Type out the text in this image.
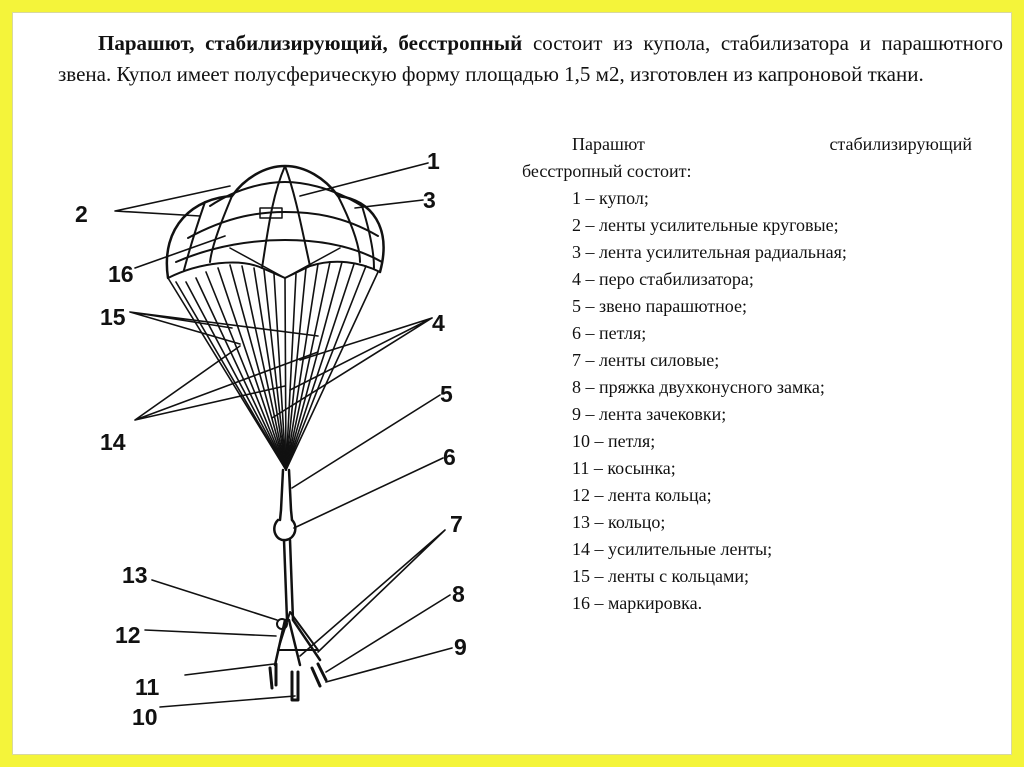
Парашют, стабилизирующий, бесстропный состоит из купола, стабилизатора и парашютного звена. Купол имеет полусферическую форму площадью 1,5 м2, изготовлен из капроновой ткани.

Парашют	стабилизирующий
бесстропный состоит:
1 – купол;
2 – ленты усилительные круговые;
3 – лента усилительная радиальная;
4 – перо стабилизатора;
5 – звено парашютное;
6 – петля;
7 – ленты силовые;
8 – пряжка двухконусного замка;
9 – лента зачековки;
10 – петля;
11 – косынка;
12 – лента кольца;
13 – кольцо;
14 – усилительные ленты;
15 – ленты с кольцами;
16 – маркировка.
1
2
3
4
5
6
7
8
9
10
11
12
13
14
15
16
